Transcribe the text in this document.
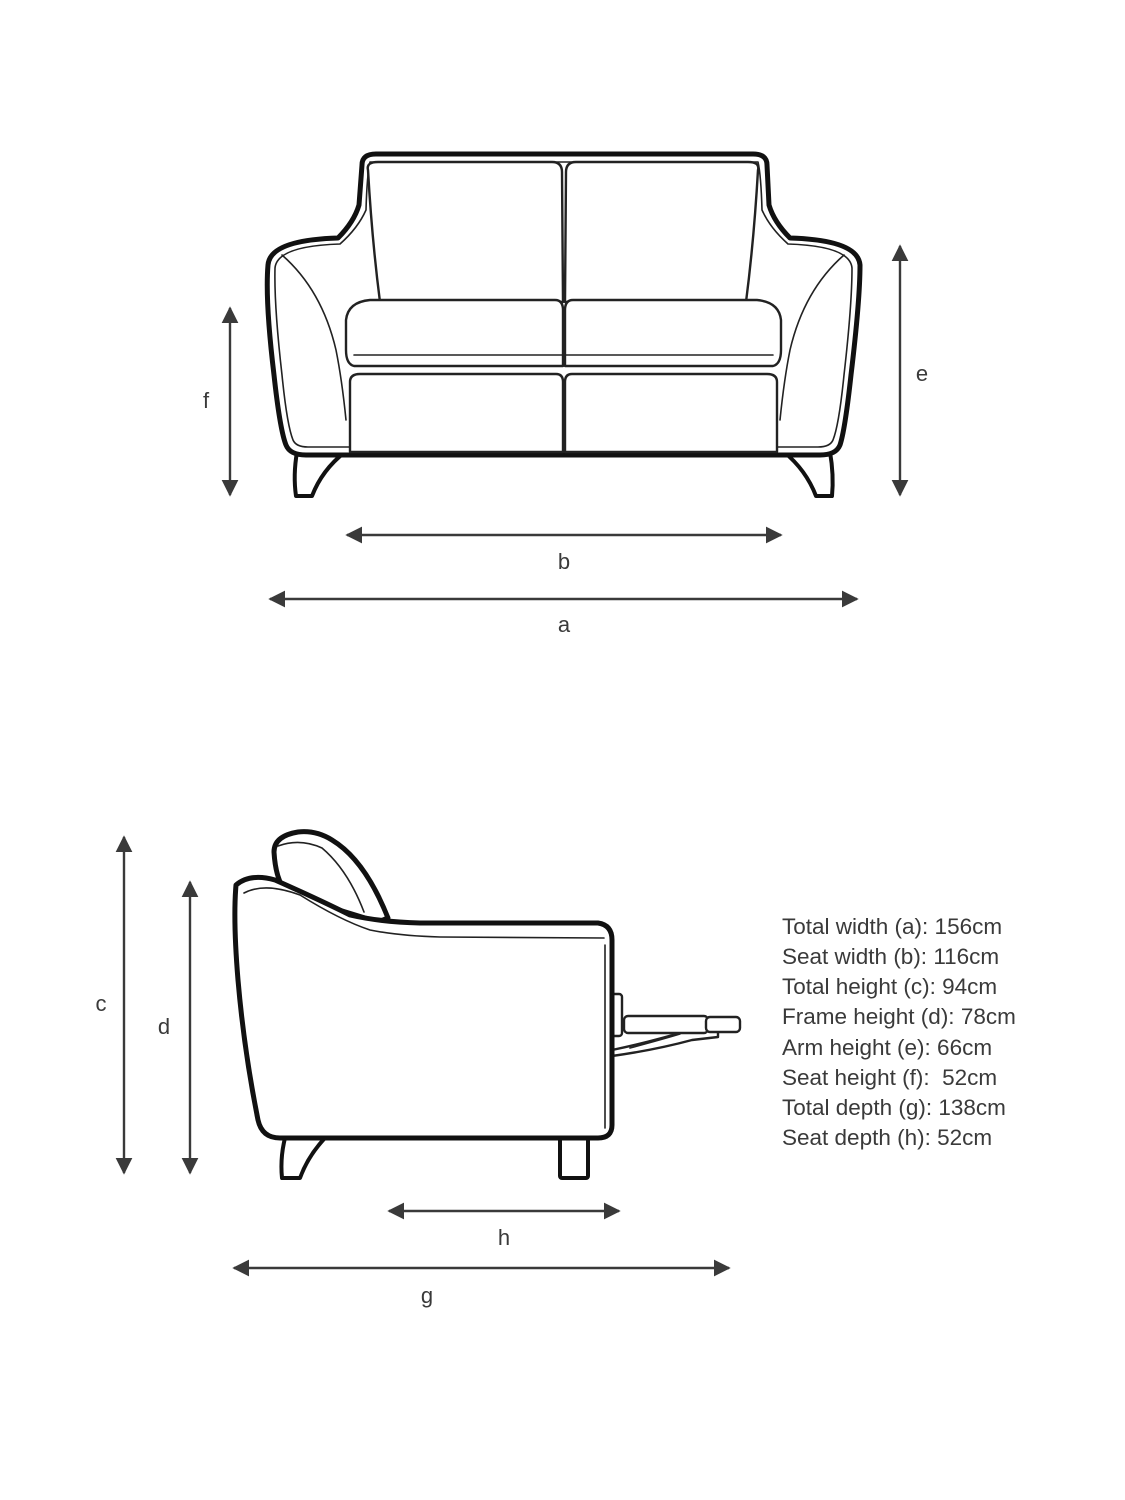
f
e
b
a
c
d
h
g
Total width (a): 156cm
Seat width (b): 116cm
Total height (c): 94cm
Frame height (d): 78cm
Arm height (e): 66cm
Seat height (f):  52cm
Total depth (g): 138cm
Seat depth (h): 52cm
